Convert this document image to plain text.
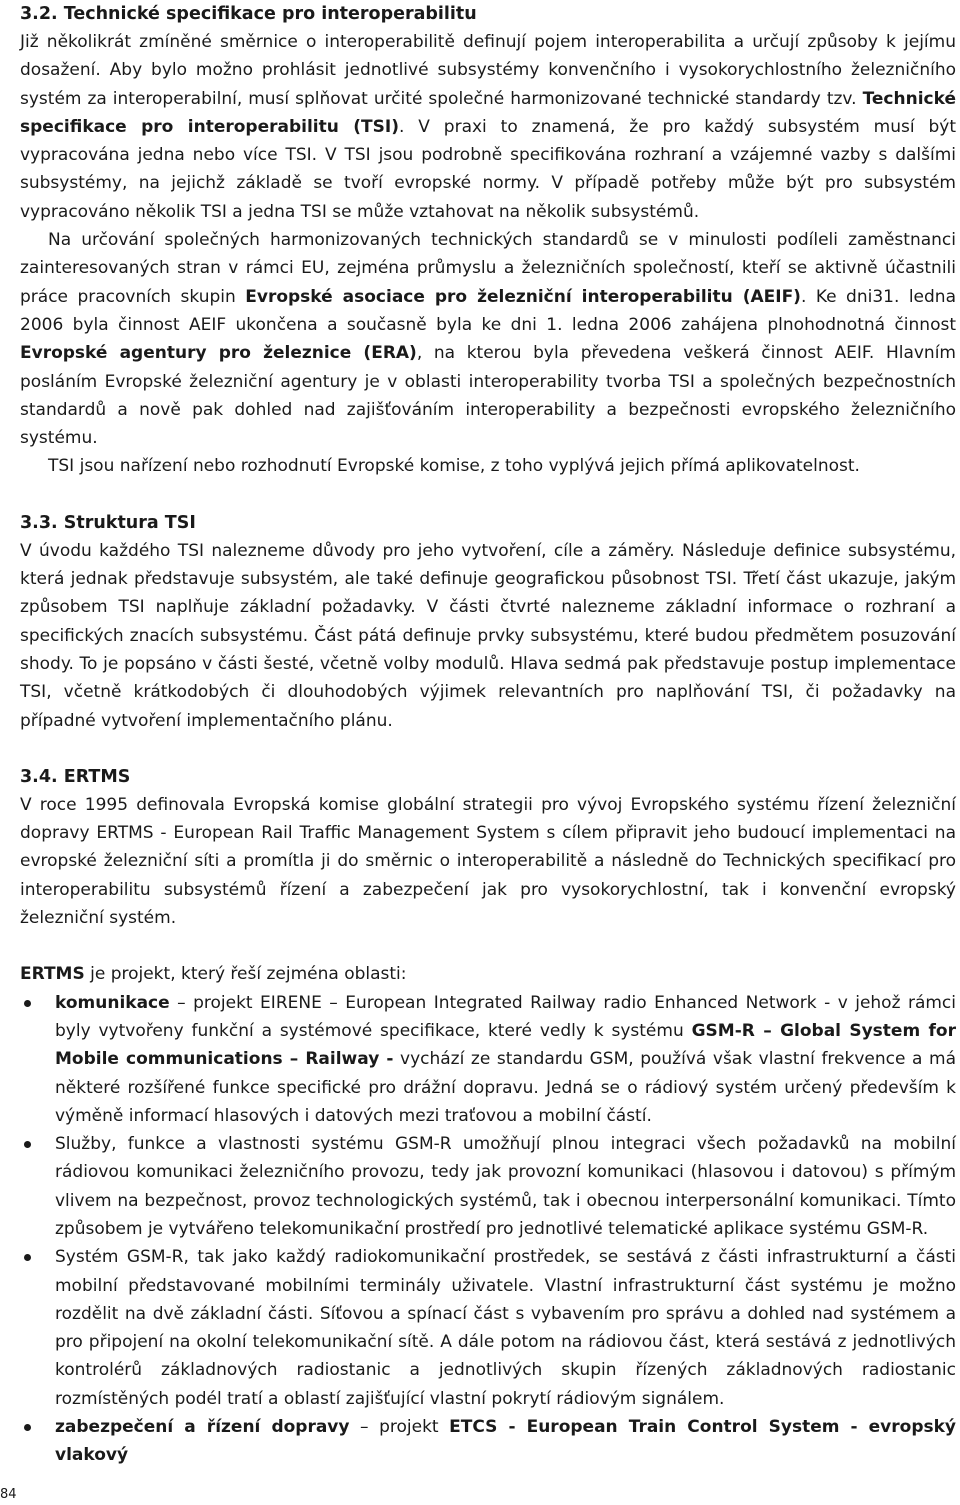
3.2. Technické specifikace pro interoperabilitu

Již několikrát zmíněné směrnice o interoperabilitě definují pojem interoperabilita a určují způsoby k jejímu dosažení. Aby bylo možno prohlásit jednotlivé subsystémy konvenčního i vysokorychlostního železničního systém za interoperabilní, musí splňovat určité společné harmonizované technické standardy tzv. Technické specifikace pro interoperabilitu (TSI). V praxi to znamená, že pro každý subsystém musí být vypracována jedna nebo více TSI. V TSI jsou podrobně specifikována rozhraní a vzájemné vazby s dalšími subsystémy, na jejichž základě se tvoří evropské normy. V případě potřeby může být pro subsystém vypracováno několik TSI a jedna TSI se může vztahovat na několik subsystémů.

Na určování společných harmonizovaných technických standardů se v minulosti podíleli zaměstnanci zainteresovaných stran v rámci EU, zejména průmyslu a železničních společností, kteří se aktivně účastnili práce pracovních skupin Evropské asociace pro železniční interoperabilitu (AEIF). Ke dni31. ledna 2006 byla činnost AEIF ukončena a současně byla ke dni 1. ledna 2006 zahájena plnohodnotná činnost Evropské agentury pro železnice (ERA), na kterou byla převedena veškerá činnost AEIF. Hlavním posláním Evropské železniční agentury je v oblasti interoperability tvorba TSI a společných bezpečnostních standardů a nově pak dohled nad zajišťováním interoperability a bezpečnosti evropského železničního systému.

TSI jsou nařízení nebo rozhodnutí Evropské komise, z toho vyplývá jejich přímá aplikovatelnost.

3.3. Struktura TSI

V úvodu každého TSI nalezneme důvody pro jeho vytvoření, cíle a záměry. Následuje definice subsystému, která jednak představuje subsystém, ale také definuje geografickou působnost TSI. Třetí část ukazuje, jakým způsobem TSI naplňuje základní požadavky. V části čtvrté nalezneme základní informace o rozhraní a specifických znacích subsystému. Část pátá definuje prvky subsystému, které budou předmětem posuzování shody. To je popsáno v části šesté, včetně volby modulů. Hlava sedmá pak představuje postup implementace TSI, včetně krátkodobých či dlouhodobých výjimek relevantních pro naplňování TSI, či požadavky na případné vytvoření implementačního plánu.

3.4. ERTMS

V roce 1995 definovala Evropská komise globální strategii pro vývoj Evropského systému řízení železniční dopravy ERTMS - European Rail Traffic Management System s cílem připravit jeho budoucí implementaci na evropské železniční síti a promítla ji do směrnic o interoperabilitě a následně do Technických specifikací pro interoperabilitu subsystémů řízení a zabezpečení jak pro vysokorychlostní, tak i konvenční evropský železniční systém.

ERTMS je projekt, který řeší zejména oblasti:

komunikace – projekt EIRENE – European Integrated Railway radio Enhanced Network - v jehož rámci byly vytvořeny funkční a systémové specifikace, které vedly k systému GSM-R – Global System for Mobile communications – Railway - vychází ze standardu GSM, používá však vlastní frekvence a má některé rozšířené funkce specifické pro drážní dopravu. Jedná se o rádiový systém určený především k výměně informací hlasových i datových mezi traťovou a mobilní částí.
Služby, funkce a vlastnosti systému GSM-R umožňují plnou integraci všech požadavků na mobilní rádiovou komunikaci železničního provozu, tedy jak provozní komunikaci (hlasovou i datovou) s přímým vlivem na bezpečnost, provoz technologických systémů, tak i obecnou interpersonální komunikaci. Tímto způsobem je vytvářeno telekomunikační prostředí pro jednotlivé telematické aplikace systému GSM-R.
Systém GSM-R, tak jako každý radiokomunikační prostředek, se sestává z části infrastrukturní a části mobilní představované mobilními terminály uživatele. Vlastní infrastrukturní část systému je možno rozdělit na dvě základní části. Síťovou a spínací část s vybavením pro správu a dohled nad systémem a pro připojení na okolní telekomunikační sítě. A dále potom na rádiovou část, která sestává z jednotlivých kontrolérů základnových radiostanic a jednotlivých skupin řízených základnových radiostanic rozmístěných podél tratí a oblastí zajišťující vlastní pokrytí rádiovým signálem.
zabezpečení a řízení dopravy – projekt ETCS - European Train Control System - evropský vlakový
84
